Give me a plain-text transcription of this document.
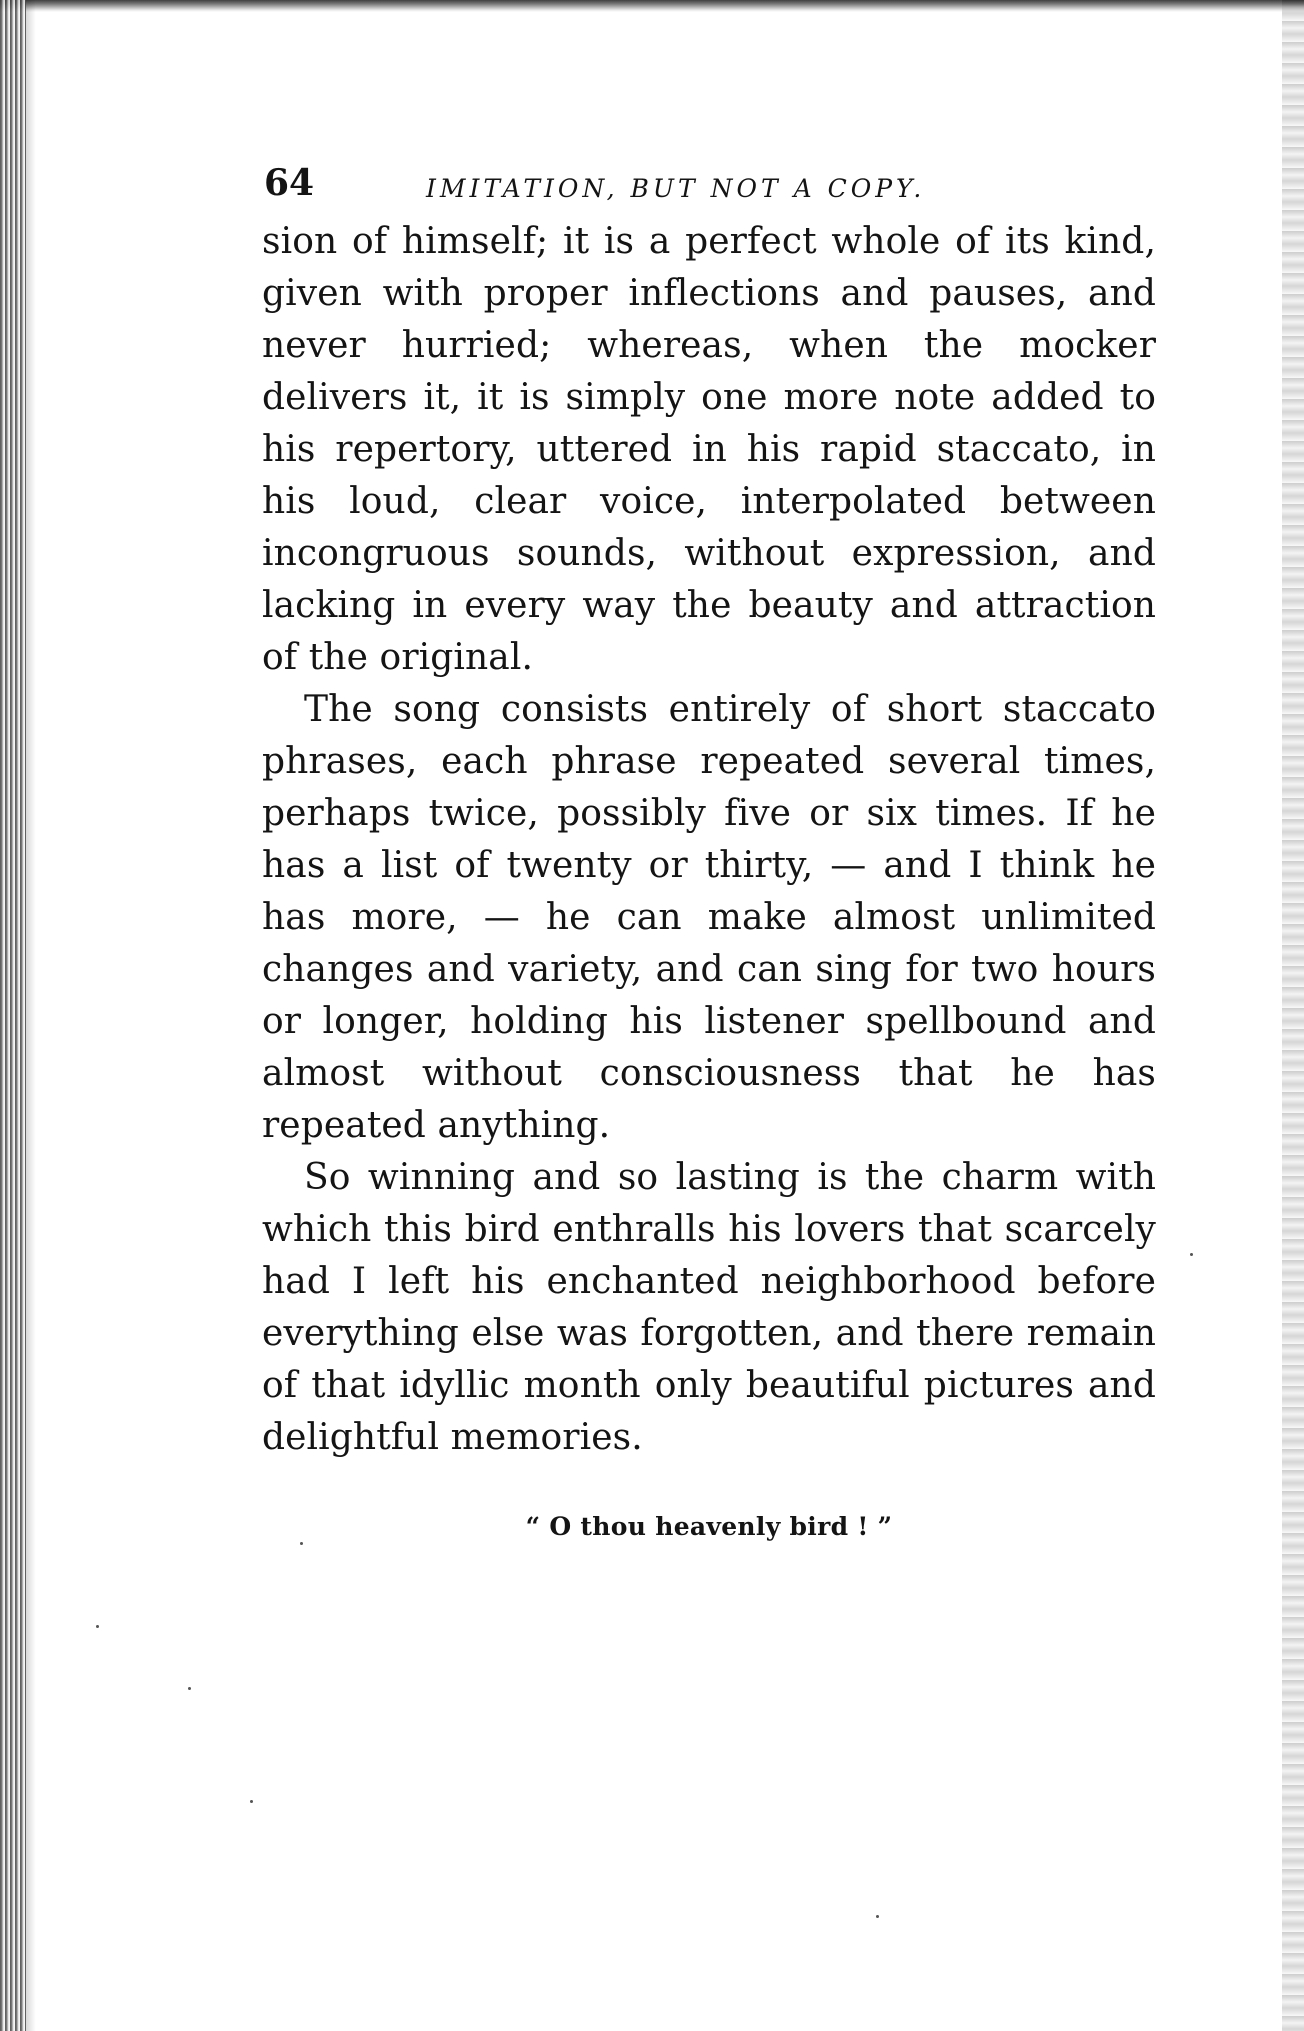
64	IMITATION, BUT NOT A COPY.

sion of himself; it is a perfect whole of its kind, given with proper inflections and pauses, and never hurried; whereas, when the mocker delivers it, it is simply one more note added to his repertory, uttered in his rapid staccato, in his loud, clear voice, interpolated between incongruous sounds, without expression, and lacking in every way the beauty and attraction of the original.

The song consists entirely of short staccato phrases, each phrase repeated several times, perhaps twice, possibly five or six times. If he has a list of twenty or thirty, — and I think he has more, — he can make almost unlimited changes and variety, and can sing for two hours or longer, holding his listener spellbound and almost without consciousness that he has repeated anything.

So winning and so lasting is the charm with which this bird enthralls his lovers that scarcely had I left his enchanted neighborhood before everything else was forgotten, and there remain of that idyllic month only beautiful pictures and delightful memories.

“ O thou heavenly bird ! ”
